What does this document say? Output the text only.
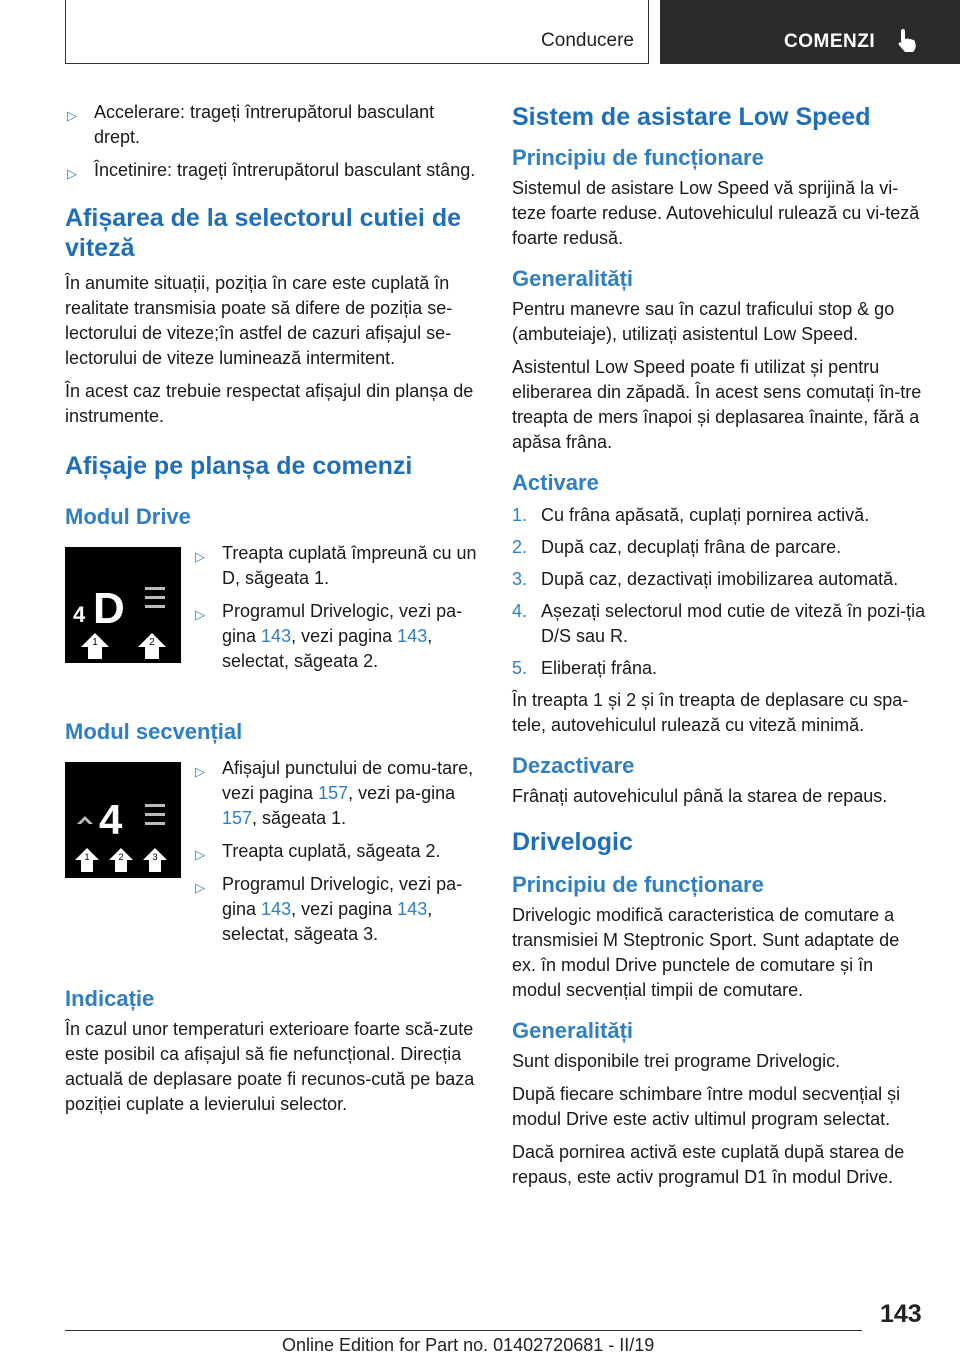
Conducere	COMENZI
▷ Accelerare: trageți întrerupătorul basculant drept.
▷ Încetinire: trageți întrerupătorul basculant stâng.
Afișarea de la selectorul cutiei de viteză

În anumite situații, poziția în care este cuplată în realitate transmisia poate să difere de poziția se‐lectorului de viteze;în astfel de cazuri afișajul se‐lectorului de viteze luminează intermitent.

În acest caz trebuie respectat afișajul din planșa de instrumente.

Afișaje pe planșa de comenzi
Modul Drive
4 D
1	2
▷ Treapta cuplată împreună cu un D, săgeata 1.
▷ Programul Drivelogic, vezi pa‐gina 143, vezi pagina 143, selectat, săgeata 2.
Modul secvențial
4
1	2	3
▷ Afișajul punctului de comu‐tare, vezi pagina 157, vezi pa‐gina 157, săgeata 1.
▷ Treapta cuplată, săgeata 2.
▷ Programul Drivelogic, vezi pa‐gina 143, vezi pagina 143, selectat, săgeata 3.
Indicație

În cazul unor temperaturi exterioare foarte scă‐zute este posibil ca afișajul să fie nefuncțional. Direcția actuală de deplasare poate fi recunos‐cută pe baza poziției cuplate a levierului selector.

Sistem de asistare Low Speed
Principiu de funcționare

Sistemul de asistare Low Speed vă sprijină la vi‐teze foarte reduse. Autovehiculul rulează cu vi‐teză foarte redusă.

Generalități

Pentru manevre sau în cazul traficului stop & go (ambuteiaje), utilizați asistentul Low Speed.

Asistentul Low Speed poate fi utilizat și pentru eliberarea din zăpadă. În acest sens comutați în‐tre treapta de mers înapoi și deplasarea înainte, fără a apăsa frâna.

Activare
1. Cu frâna apăsată, cuplați pornirea activă.
2. După caz, decuplați frâna de parcare.
3. După caz, dezactivați imobilizarea automată.
4. Așezați selectorul mod cutie de viteză în pozi‐ția D/S sau R.
5. Eliberați frâna.

În treapta 1 și 2 și în treapta de deplasare cu spa‐tele, autovehiculul rulează cu viteză minimă.

Dezactivare

Frânați autovehiculul până la starea de repaus.

Drivelogic
Principiu de funcționare

Drivelogic modifică caracteristica de comutare a transmisiei M Steptronic Sport. Sunt adaptate de ex. în modul Drive punctele de comutare și în modul secvențial timpii de comutare.

Generalități

Sunt disponibile trei programe Drivelogic.

După fiecare schimbare între modul secvențial și modul Drive este activ ultimul program selectat.

Dacă pornirea activă este cuplată după starea de repaus, este activ programul D1 în modul Drive.

143
Online Edition for Part no. 01402720681 - II/19
